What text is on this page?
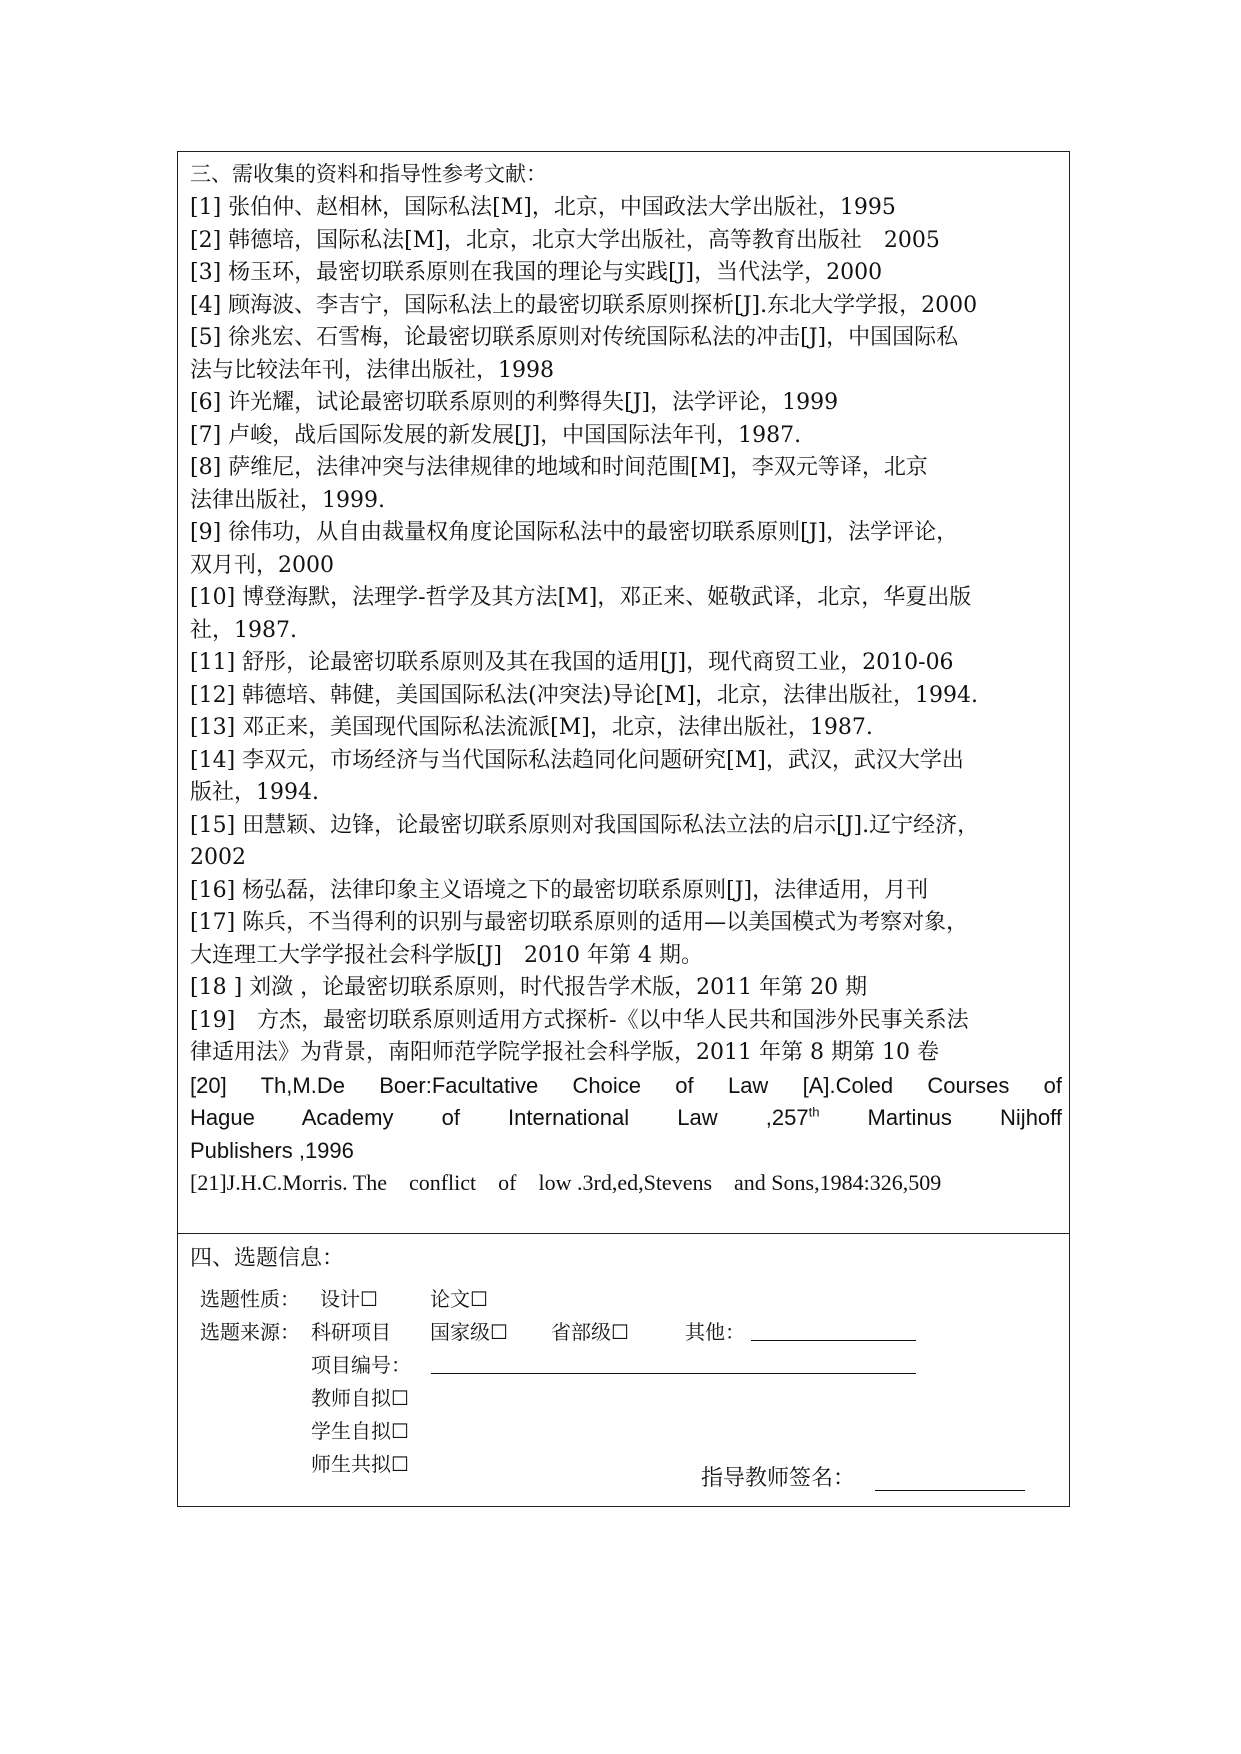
三、需收集的资料和指导性参考文献：
[1] 张伯仲、赵相林，国际私法[M]，北京，中国政法大学出版社，1995
[2] 韩德培，国际私法[M]，北京，北京大学出版社，高等教育出版社　2005
[3] 杨玉环，最密切联系原则在我国的理论与实践[J]，当代法学，2000
[4] 顾海波、李吉宁，国际私法上的最密切联系原则探析[J].东北大学学报，2000
[5] 徐兆宏、石雪梅，论最密切联系原则对传统国际私法的冲击[J]，中国国际私
法与比较法年刊，法律出版社，1998
[6] 许光耀，试论最密切联系原则的利弊得失[J]，法学评论，1999
[7] 卢峻，战后国际发展的新发展[J]，中国国际法年刊，1987.
[8] 萨维尼，法律冲突与法律规律的地域和时间范围[M]，李双元等译，北京
法律出版社，1999.
[9] 徐伟功，从自由裁量权角度论国际私法中的最密切联系原则[J]，法学评论，
双月刊，2000
[10] 博登海默，法理学-哲学及其方法[M]，邓正来、姬敬武译，北京，华夏出版
社，1987.
[11] 舒彤，论最密切联系原则及其在我国的适用[J]，现代商贸工业，2010-06
[12] 韩德培、韩健，美国国际私法(冲突法)导论[M]，北京，法律出版社，1994.
[13] 邓正来，美国现代国际私法流派[M]，北京，法律出版社，1987.
[14] 李双元，市场经济与当代国际私法趋同化问题研究[M]，武汉，武汉大学出
版社，1994.
[15] 田慧颖、边锋，论最密切联系原则对我国国际私法立法的启示[J].辽宁经济，
2002
[16] 杨弘磊，法律印象主义语境之下的最密切联系原则[J]，法律适用，月刊
[17] 陈兵，不当得利的识别与最密切联系原则的适用—以美国模式为考察对象，
大连理工大学学报社会科学版[J]　2010 年第 4 期。
[18 ] 刘潋 ，论最密切联系原则，时代报告学术版，2011 年第 20 期
[19]　方杰，最密切联系原则适用方式探析-《以中华人民共和国涉外民事关系法
律适用法》为背景，南阳师范学院学报社会科学版，2011 年第 8 期第 10 卷
[20] Th,M.De Boer:Facultative Choice of Law [A].Coled Courses of
Hague Academy of International Law ,257th Martinus Nijhoff
Publishers ,1996
[21]J.H.C.Morris. The　conflict　of　low .3rd,ed,Stevens　and Sons,1984:326,509
四、选题信息：
选题性质： 设计☐	论文☐
选题来源： 科研项目 国家级☐ 省部级☐	其他：
项目编号：
教师自拟☐
学生自拟☐
师生共拟☐
指导教师签名：
